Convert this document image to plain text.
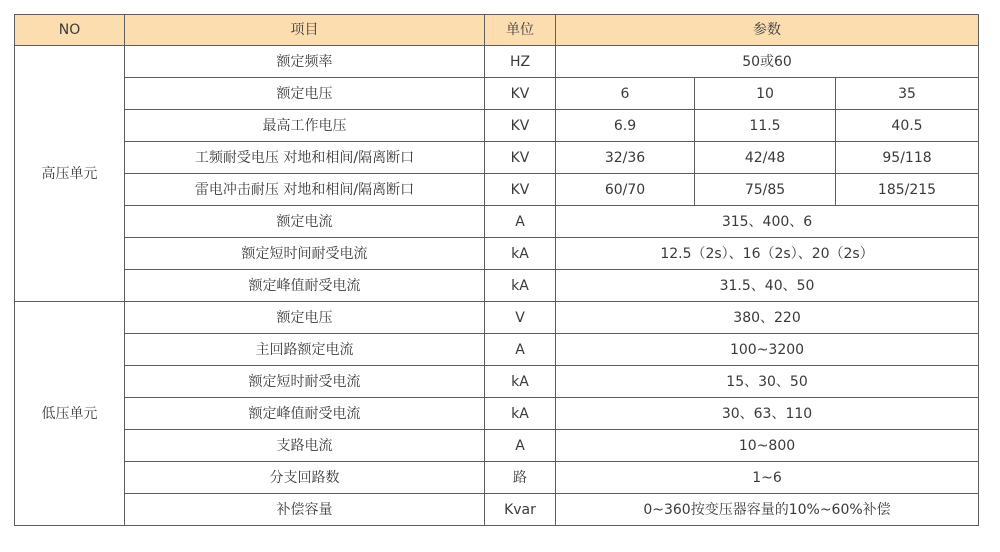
NO	项目	单位	参数		
高压单元	额定频率	HZ	50或60		
	额定电压	KV	6	10	35
	最高工作电压	KV	6.9	11.5	40.5
	工频耐受电压 对地和相间/隔离断口	KV	32/36	42/48	95/118
	雷电冲击耐压 对地和相间/隔离断口	KV	60/70	75/85	185/215
	额定电流	A	315、400、6		
	额定短时间耐受电流	kA	12.5（2s）、16（2s）、20（2s）		
	额定峰值耐受电流	kA	31.5、40、50		
低压单元	额定电压	V	380、220		
	主回路额定电流	A	100~3200		
	额定短时耐受电流	kA	15、30、50		
	额定峰值耐受电流	kA	30、63、110		
	支路电流	A	10~800		
	分支回路数	路	1~6		
	补偿容量	Kvar	0~360按变压器容量的10%~60%补偿		
